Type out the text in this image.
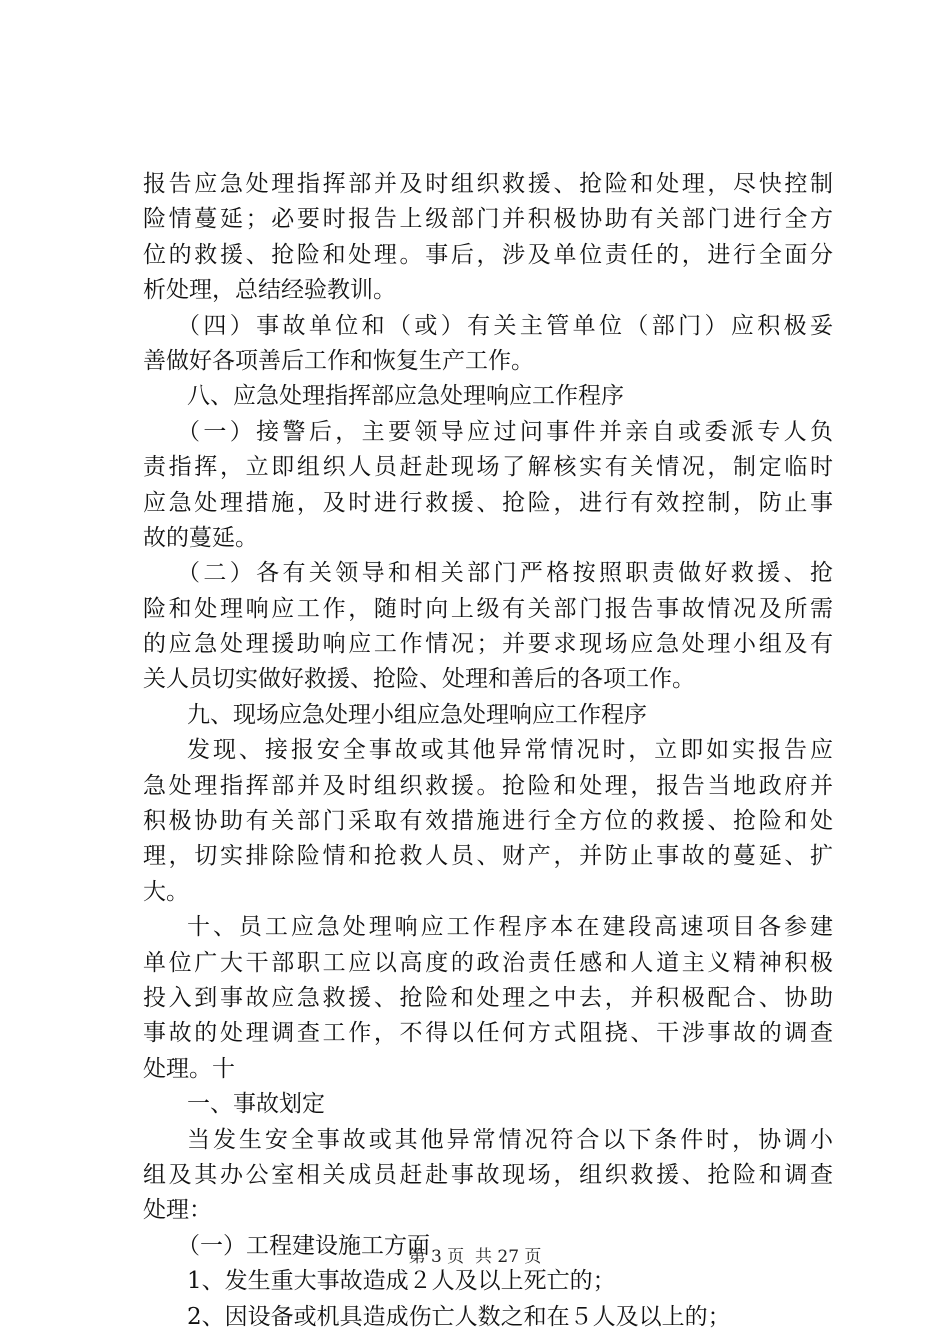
报告应急处理指挥部并及时组织救援、抢险和处理，尽快控制
险情蔓延；必要时报告上级部门并积极协助有关部门进行全方
位的救援、抢险和处理。事后，涉及单位责任的，进行全面分
析处理，总结经验教训。
（四）事故单位和（或）有关主管单位（部门）应积极妥
善做好各项善后工作和恢复生产工作。
八、应急处理指挥部应急处理响应工作程序
（一）接警后，主要领导应过问事件并亲自或委派专人负
责指挥，立即组织人员赶赴现场了解核实有关情况，制定临时
应急处理措施，及时进行救援、抢险，进行有效控制，防止事
故的蔓延。
（二）各有关领导和相关部门严格按照职责做好救援、抢
险和处理响应工作，随时向上级有关部门报告事故情况及所需
的应急处理援助响应工作情况；并要求现场应急处理小组及有
关人员切实做好救援、抢险、处理和善后的各项工作。
九、现场应急处理小组应急处理响应工作程序
发现、接报安全事故或其他异常情况时，立即如实报告应
急处理指挥部并及时组织救援。抢险和处理，报告当地政府并
积极协助有关部门采取有效措施进行全方位的救援、抢险和处
理，切实排除险情和抢救人员、财产，并防止事故的蔓延、扩
大。
十、员工应急处理响应工作程序本在建段高速项目各参建
单位广大干部职工应以高度的政治责任感和人道主义精神积极
投入到事故应急救援、抢险和处理之中去，并积极配合、协助
事故的处理调查工作，不得以任何方式阻挠、干涉事故的调查
处理。十
一、事故划定
当发生安全事故或其他异常情况符合以下条件时，协调小
组及其办公室相关成员赶赴事故现场，组织救援、抢险和调查
处理：
（一）工程建设施工方面
1、发生重大事故造成２人及以上死亡的；
2、因设备或机具造成伤亡人数之和在５人及以上的；
第 3 页  共 27 页
